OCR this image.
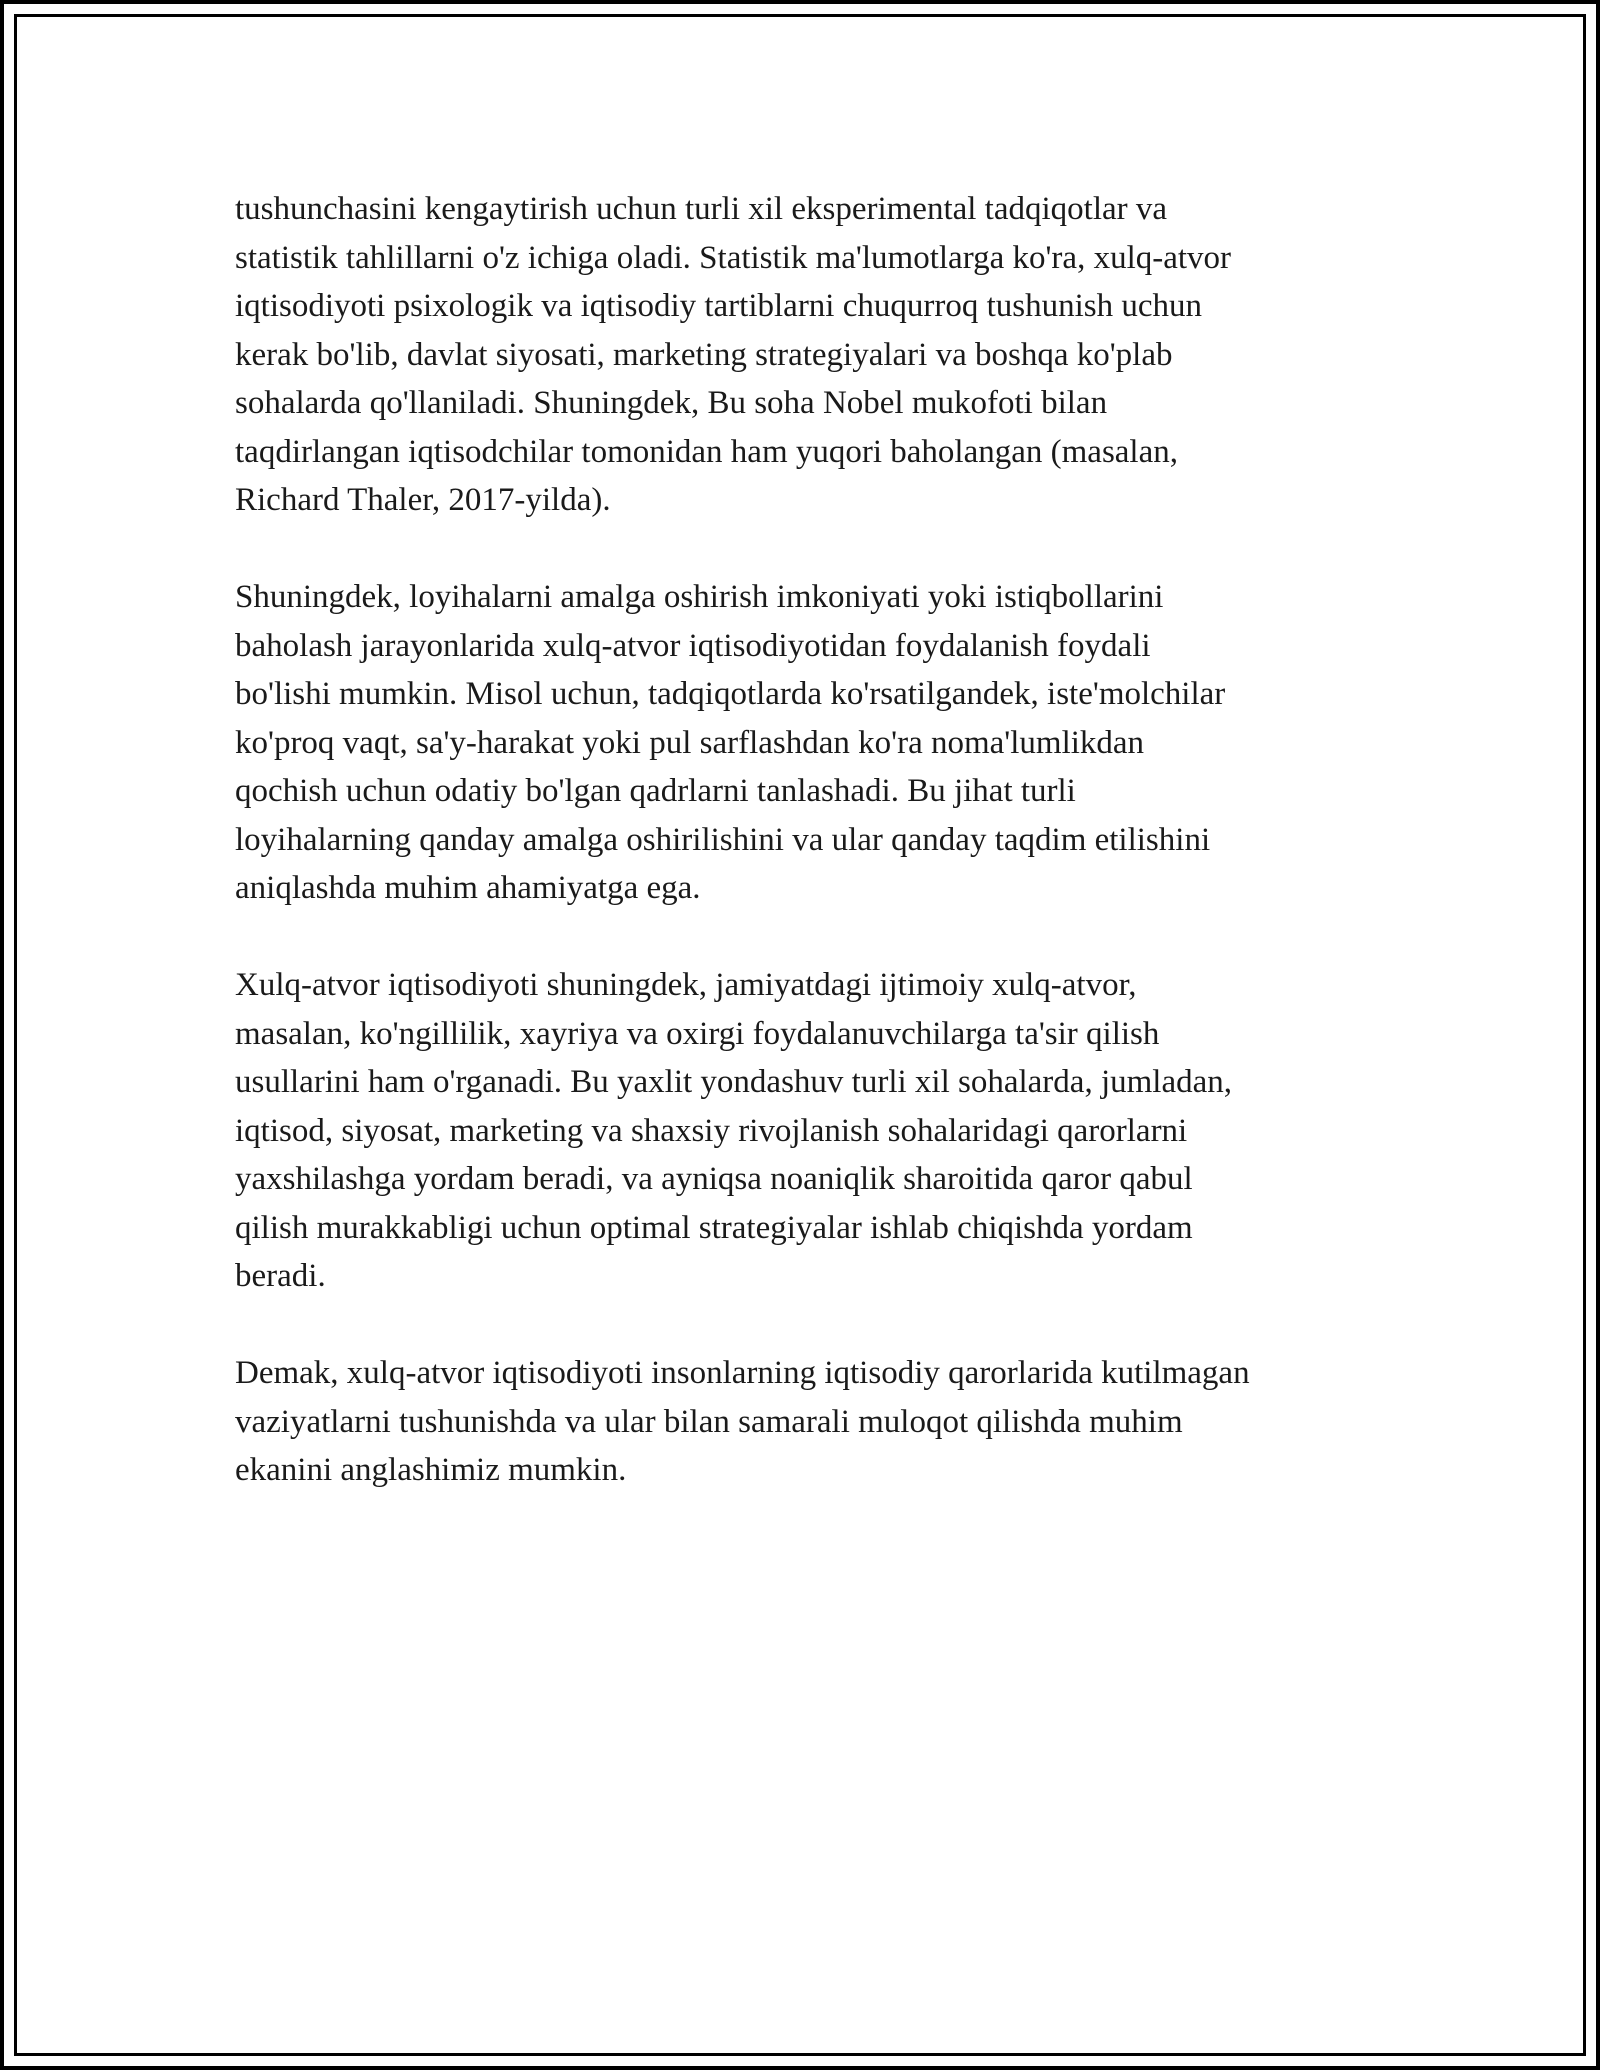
tushunchasini kengaytirish uchun turli xil eksperimental tadqiqotlar va
statistik tahlillarni o'z ichiga oladi. Statistik ma'lumotlarga ko'ra, xulq-atvor
iqtisodiyoti psixologik va iqtisodiy tartiblarni chuqurroq tushunish uchun
kerak bo'lib, davlat siyosati, marketing strategiyalari va boshqa ko'plab
sohalarda qo'llaniladi. Shuningdek, Bu soha Nobel mukofoti bilan
taqdirlangan iqtisodchilar tomonidan ham yuqori baholangan (masalan,
Richard Thaler, 2017-yilda).

Shuningdek, loyihalarni amalga oshirish imkoniyati yoki istiqbollarini
baholash jarayonlarida xulq-atvor iqtisodiyotidan foydalanish foydali
bo'lishi mumkin. Misol uchun, tadqiqotlarda ko'rsatilgandek, iste'molchilar
ko'proq vaqt, sa'y-harakat yoki pul sarflashdan ko'ra noma'lumlikdan
qochish uchun odatiy bo'lgan qadrlarni tanlashadi. Bu jihat turli
loyihalarning qanday amalga oshirilishini va ular qanday taqdim etilishini
aniqlashda muhim ahamiyatga ega.

Xulq-atvor iqtisodiyoti shuningdek, jamiyatdagi ijtimoiy xulq-atvor,
masalan, ko'ngillilik, xayriya va oxirgi foydalanuvchilarga ta'sir qilish
usullarini ham o'rganadi. Bu yaxlit yondashuv turli xil sohalarda, jumladan,
iqtisod, siyosat, marketing va shaxsiy rivojlanish sohalaridagi qarorlarni
yaxshilashga yordam beradi, va ayniqsa noaniqlik sharoitida qaror qabul
qilish murakkabligi uchun optimal strategiyalar ishlab chiqishda yordam
beradi.

Demak, xulq-atvor iqtisodiyoti insonlarning iqtisodiy qarorlarida kutilmagan
vaziyatlarni tushunishda va ular bilan samarali muloqot qilishda muhim
ekanini anglashimiz mumkin.
